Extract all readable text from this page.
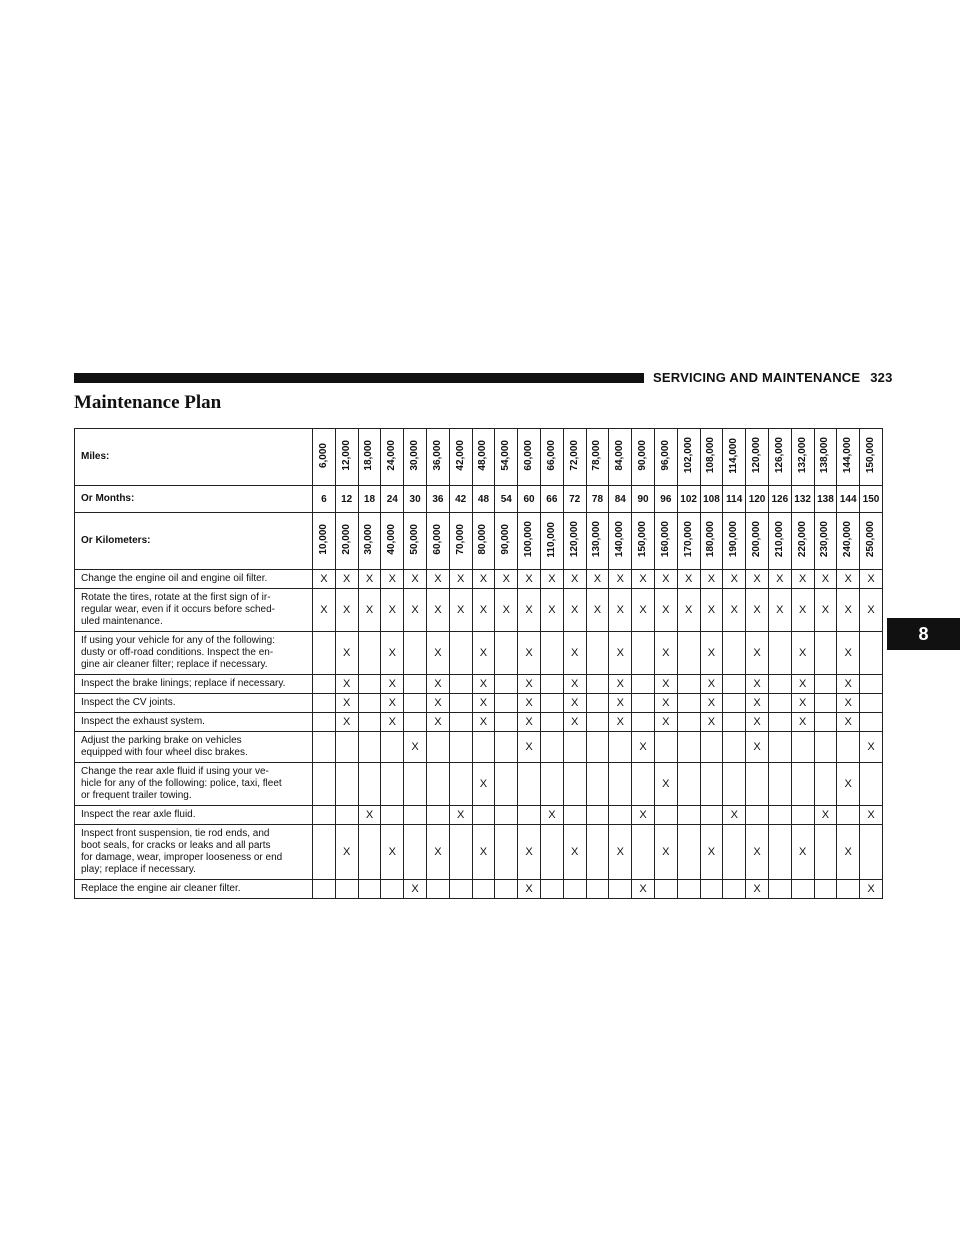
SERVICING AND MAINTENANCE 323
Maintenance Plan
8
Miles:	6,000	12,000	18,000	24,000	30,000	36,000	42,000	48,000	54,000	60,000	66,000	72,000	78,000	84,000	90,000	96,000	102,000	108,000	114,000	120,000	126,000	132,000	138,000	144,000	150,000
Or Months:	6	12	18	24	30	36	42	48	54	60	66	72	78	84	90	96	102	108	114	120	126	132	138	144	150
Or Kilometers:	10,000	20,000	30,000	40,000	50,000	60,000	70,000	80,000	90,000	100,000	110,000	120,000	130,000	140,000	150,000	160,000	170,000	180,000	190,000	200,000	210,000	220,000	230,000	240,000	250,000
Change the engine oil and engine oil filter.	X	X	X	X	X	X	X	X	X	X	X	X	X	X	X	X	X	X	X	X	X	X	X	X	X
Rotate the tires, rotate at the first sign of ir-
regular wear, even if it occurs before sched-
uled maintenance.	X	X	X	X	X	X	X	X	X	X	X	X	X	X	X	X	X	X	X	X	X	X	X	X	X
If using your vehicle for any of the following:
dusty or off-road conditions. Inspect the en-
gine air cleaner filter; replace if necessary.		X		X		X		X		X		X		X		X		X		X		X		X	
Inspect the brake linings; replace if necessary.		X		X		X		X		X		X		X		X		X		X		X		X	
Inspect the CV joints.		X		X		X		X		X		X		X		X		X		X		X		X	
Inspect the exhaust system.		X		X		X		X		X		X		X		X		X		X		X		X	
Adjust the parking brake on vehicles
equipped with four wheel disc brakes.					X					X					X					X					X
Change the rear axle fluid if using your ve-
hicle for any of the following: police, taxi, fleet
or frequent trailer towing.								X								X								X	
Inspect the rear axle fluid.			X				X				X				X				X				X		X
Inspect front suspension, tie rod ends, and
boot seals, for cracks or leaks and all parts
for damage, wear, improper looseness or end
play; replace if necessary.		X		X		X		X		X		X		X		X		X		X		X		X	
Replace the engine air cleaner filter.					X					X					X					X					X
